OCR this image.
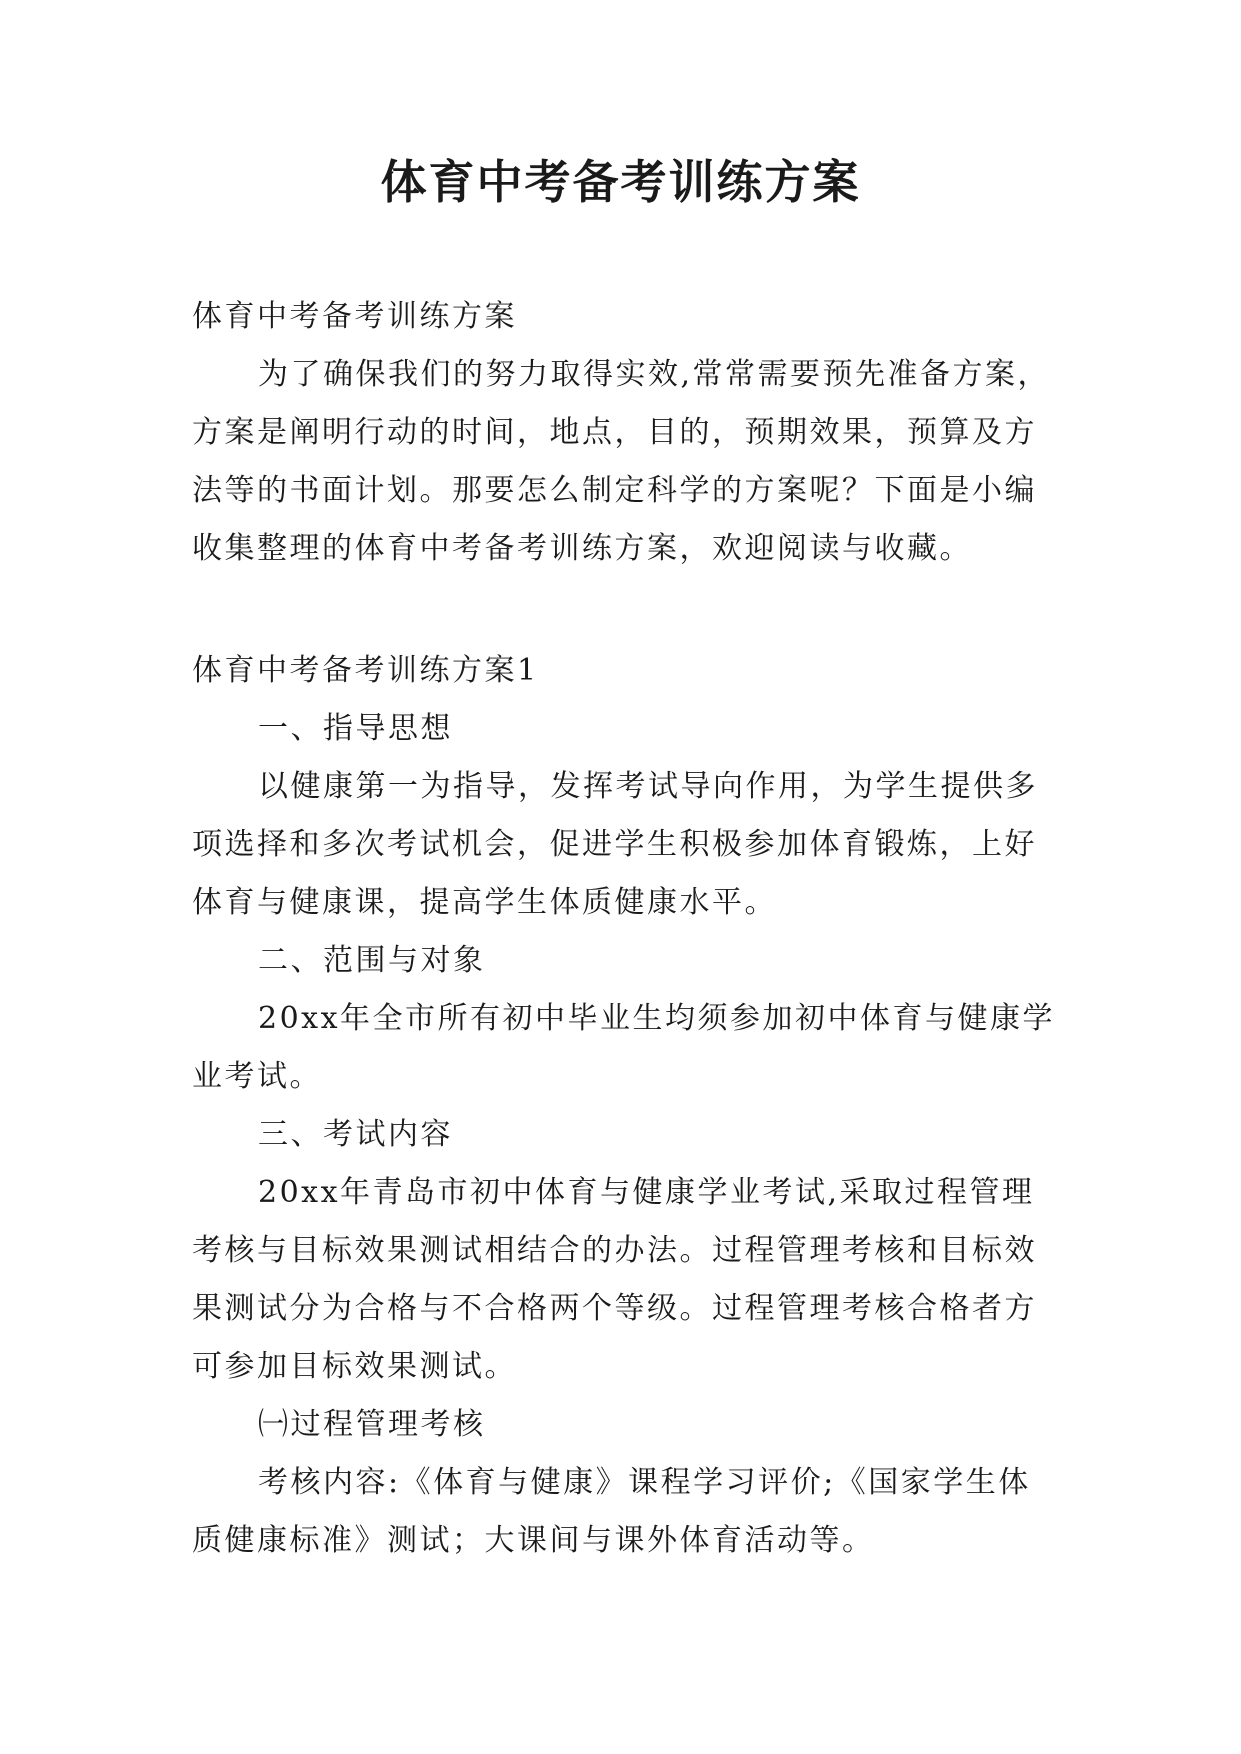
体育中考备考训练方案

体育中考备考训练方案

为了确保我们的努力取得实效,常常需要预先准备方案，方案是阐明行动的时间，地点，目的，预期效果，预算及方法等的书面计划。那要怎么制定科学的方案呢？下面是小编收集整理的体育中考备考训练方案，欢迎阅读与收藏。

体育中考备考训练方案1

一、指导思想

以健康第一为指导，发挥考试导向作用，为学生提供多项选择和多次考试机会，促进学生积极参加体育锻炼，上好体育与健康课，提高学生体质健康水平。

二、范围与对象

20xx年全市所有初中毕业生均须参加初中体育与健康学业考试。

三、考试内容

20xx年青岛市初中体育与健康学业考试,采取过程管理考核与目标效果测试相结合的办法。过程管理考核和目标效果测试分为合格与不合格两个等级。过程管理考核合格者方可参加目标效果测试。

㈠过程管理考核

考核内容:《体育与健康》课程学习评价;《国家学生体质健康标准》测试；大课间与课外体育活动等。
